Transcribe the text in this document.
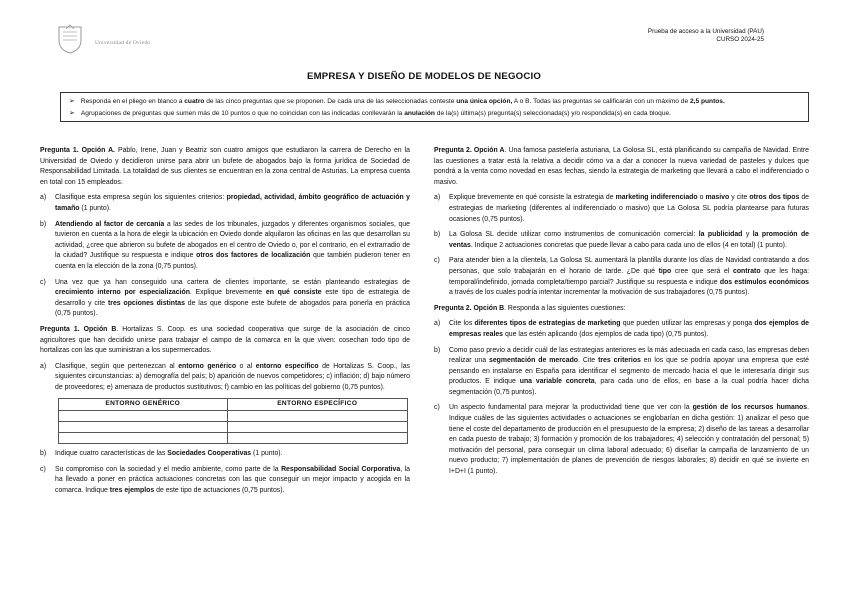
Universidad de Oviedo
Prueba de acceso a la Universidad (PAU)
CURSO 2024-25
EMPRESA Y DISEÑO DE MODELOS DE NEGOCIO
➢ Responda en el pliego en blanco a cuatro de las cinco preguntas que se proponen. De cada una de las seleccionadas conteste una única opción, A o B. Todas las preguntas se calificarán con un máximo de 2,5 puntos.
➢ Agrupaciones de preguntas que sumen más de 10 puntos o que no coincidan con las indicadas conllevarán la anulación de la(s) última(s) pregunta(s) seleccionada(s) y/o respondida(s) en cada bloque.

Pregunta 1. Opción A. Pablo, Irene, Juan y Beatriz son cuatro amigos que estudiaron la carrera de Derecho en la Universidad de Oviedo y decidieron unirse para abrir un bufete de abogados bajo la forma jurídica de Sociedad de Responsabilidad Limitada. La totalidad de sus clientes se encuentran en la zona central de Asturias. La empresa cuenta en total con 15 empleados.

a) Clasifique esta empresa según los siguientes criterios: propiedad, actividad, ámbito geográfico de actuación y tamaño (1 punto).
b) Atendiendo al factor de cercanía a las sedes de los tribunales, juzgados y diferentes organismos sociales, que tuvieron en cuenta a la hora de elegir la ubicación en Oviedo donde alquilaron las oficinas en las que desarrollan su actividad, ¿cree que abrieron su bufete de abogados en el centro de Oviedo o, por el contrario, en el extrarradio de la ciudad? Justifique su respuesta e indique otros dos factores de localización que también pudieron tener en cuenta en la elección de la zona (0,75 puntos).
c) Una vez que ya han conseguido una cartera de clientes importante, se están planteando estrategias de crecimiento interno por especialización. Explique brevemente en qué consiste este tipo de estrategia de desarrollo y cite tres opciones distintas de las que dispone este bufete de abogados para ponerla en práctica (0,75 puntos).

Pregunta 1. Opción B. Hortalizas S. Coop. es una sociedad cooperativa que surge de la asociación de cinco agricultores que han decidido unirse para trabajar el campo de la comarca en la que viven: cosechan todo tipo de hortalizas con las que suministran a los supermercados.

a) Clasifique, según que pertenezcan al entorno genérico o al entorno específico de Hortalizas S. Coop., las siguientes circunstancias: a) demografía del país; b) aparición de nuevos competidores; c) inflación; d) bajo número de proveedores; e) amenaza de productos sustitutivos; f) cambio en las políticas del gobierno (0,75 puntos).
ENTORNO GENÉRICO	ENTORNO ESPECÍFICO

b) Indique cuatro características de las Sociedades Cooperativas (1 punto).
c) Su compromiso con la sociedad y el medio ambiente, como parte de la Responsabilidad Social Corporativa, la ha llevado a poner en práctica actuaciones concretas con las que conseguir un mejor impacto y acogida en la comarca. Indique tres ejemplos de este tipo de actuaciones (0,75 puntos).

Pregunta 2. Opción A. Una famosa pastelería asturiana, La Golosa SL, está planificando su campaña de Navidad. Entre las cuestiones a tratar está la relativa a decidir cómo va a dar a conocer la nueva variedad de pasteles y dulces que pondrá a la venta como novedad en esas fechas, siendo la estrategia de marketing que llevará a cabo el indiferenciado o masivo.

a) Explique brevemente en qué consiste la estrategia de marketing indiferenciado o masivo y cite otros dos tipos de estrategias de marketing (diferentes al indiferenciado o masivo) que La Golosa SL podría plantearse para futuras ocasiones (0,75 puntos).
b) La Golosa SL decide utilizar como instrumentos de comunicación comercial: la publicidad y la promoción de ventas. Indique 2 actuaciones concretas que puede llevar a cabo para cada uno de ellos (4 en total) (1 punto).
c) Para atender bien a la clientela, La Golosa SL aumentará la plantilla durante los días de Navidad contratando a dos personas, que solo trabajarán en el horario de tarde. ¿De qué tipo cree que será el contrato que les haga: temporal/indefinido, jornada completa/tiempo parcial? Justifique su respuesta e indique dos estímulos económicos a través de los cuales podría intentar incrementar la motivación de sus trabajadores (0,75 puntos).

Pregunta 2. Opción B. Responda a las siguientes cuestiones:

a) Cite los diferentes tipos de estrategias de marketing que pueden utilizar las empresas y ponga dos ejemplos de empresas reales que las estén aplicando (dos ejemplos de cada tipo) (0,75 puntos).
b) Como paso previo a decidir cuál de las estrategias anteriores es la más adecuada en cada caso, las empresas deben realizar una segmentación de mercado. Cite tres criterios en los que se podría apoyar una empresa que esté pensando en instalarse en España para identificar el segmento de mercado hacia el que le interesaría dirigir sus productos. E indique una variable concreta, para cada uno de ellos, en base a la cual podría hacer dicha segmentación (0,75 puntos).
c) Un aspecto fundamental para mejorar la productividad tiene que ver con la gestión de los recursos humanos. Indique cuáles de las siguientes actividades o actuaciones se englobarían en dicha gestión: 1) analizar el peso que tiene el coste del departamento de producción en el presupuesto de la empresa; 2) diseño de las tareas a desarrollar en cada puesto de trabajo; 3) formación y promoción de los trabajadores; 4) selección y contratación del personal; 5) motivación del personal, para conseguir un clima laboral adecuado; 6) diseñar la campaña de lanzamiento de un nuevo producto; 7) implementación de planes de prevención de riesgos laborales; 8) decidir en qué se invierte en I+D+I (1 punto).
